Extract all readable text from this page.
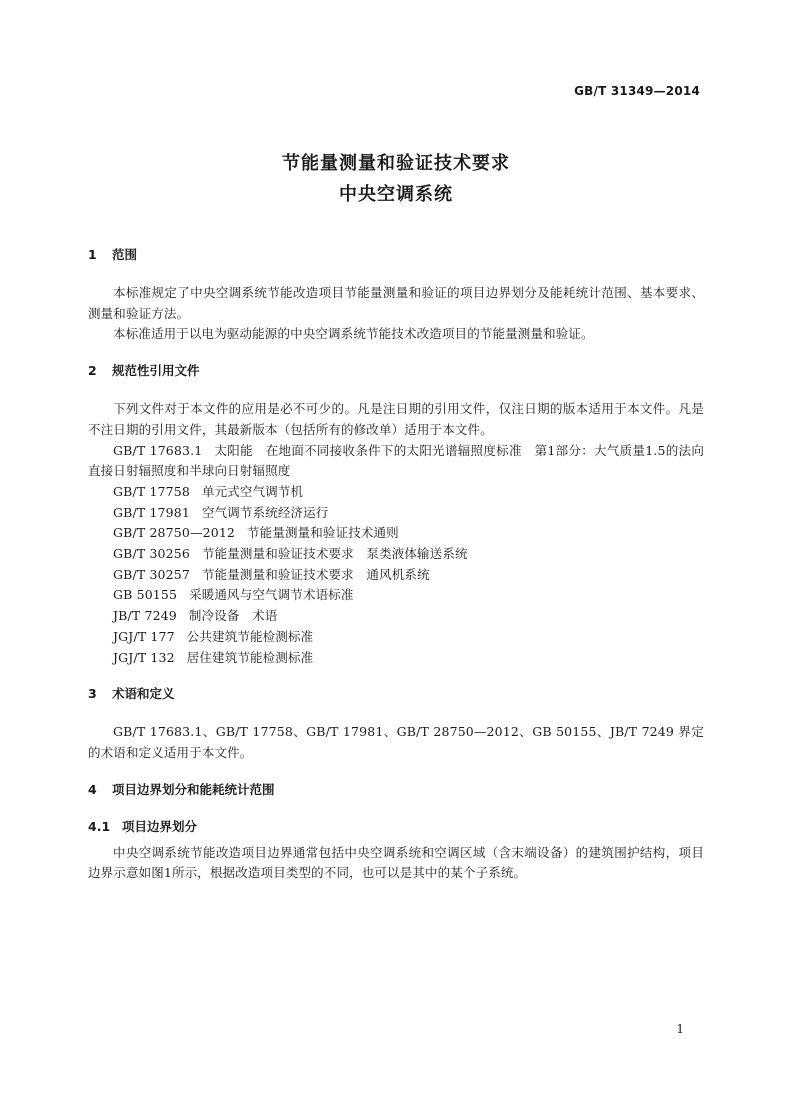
GB/T 31349—2014
节能量测量和验证技术要求
中央空调系统
1 范围
本标准规定了中央空调系统节能改造项目节能量测量和验证的项目边界划分及能耗统计范围、基本要求、测量和验证方法。
本标准适用于以电为驱动能源的中央空调系统节能技术改造项目的节能量测量和验证。
2 规范性引用文件
下列文件对于本文件的应用是必不可少的。凡是注日期的引用文件，仅注日期的版本适用于本文件。凡是不注日期的引用文件，其最新版本（包括所有的修改单）适用于本文件。
GB/T 17683.1 太阳能　在地面不同接收条件下的太阳光谱辐照度标准　第1部分：大气质量1.5的法向直接日射辐照度和半球向日射辐照度
GB/T 17758 单元式空气调节机
GB/T 17981 空气调节系统经济运行
GB/T 28750—2012 节能量测量和验证技术通则
GB/T 30256 节能量测量和验证技术要求　泵类液体输送系统
GB/T 30257 节能量测量和验证技术要求　通风机系统
GB 50155 采暖通风与空气调节术语标准
JB/T 7249 制冷设备　术语
JGJ/T 177 公共建筑节能检测标准
JGJ/T 132 居住建筑节能检测标准
3 术语和定义
GB/T 17683.1、GB/T 17758、GB/T 17981、GB/T 28750—2012、GB 50155、JB/T 7249 界定的术语和定义适用于本文件。
4 项目边界划分和能耗统计范围
4.1 项目边界划分
中央空调系统节能改造项目边界通常包括中央空调系统和空调区域（含末端设备）的建筑围护结构，项目边界示意如图1所示，根据改造项目类型的不同，也可以是其中的某个子系统。
1
